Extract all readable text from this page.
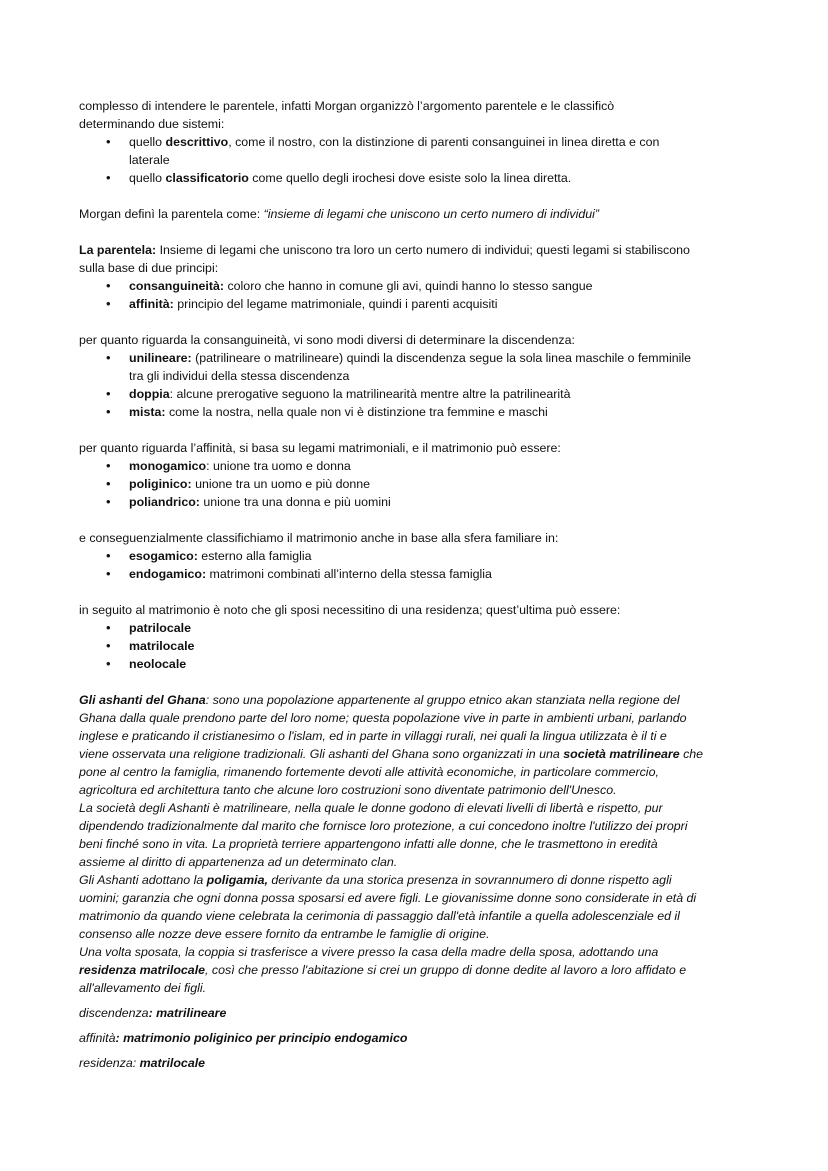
complesso di intendere le parentele, infatti Morgan organizzò l’argomento parentele e le classificò
determinando due sistemi:
• quello descrittivo, come il nostro, con la distinzione di parenti consanguinei in linea diretta e con
laterale
• quello classificatorio come quello degli irochesi dove esiste solo la linea diretta.
Morgan definì la parentela come: “insieme di legami che uniscono un certo numero di individui”
La parentela: Insieme di legami che uniscono tra loro un certo numero di individui; questi legami si stabiliscono
sulla base di due principi:
• consanguineità: coloro che hanno in comune gli avi, quindi hanno lo stesso sangue
• affinità: principio del legame matrimoniale, quindi i parenti acquisiti
per quanto riguarda la consanguineità, vi sono modi diversi di determinare la discendenza:
• unilineare: (patrilineare o matrilineare) quindi la discendenza segue la sola linea maschile o femminile
tra gli individui della stessa discendenza
• doppia: alcune prerogative seguono la matrilinearità mentre altre la patrilinearità
• mista: come la nostra, nella quale non vi è distinzione tra femmine e maschi
per quanto riguarda l’affinità, si basa su legami matrimoniali, e il matrimonio può essere:
• monogamico: unione tra uomo e donna
• poliginico: unione tra un uomo e più donne
• poliandrico: unione tra una donna e più uomini
e conseguenzialmente classifichiamo il matrimonio anche in base alla sfera familiare in:
• esogamico: esterno alla famiglia
• endogamico: matrimoni combinati all’interno della stessa famiglia
in seguito al matrimonio è noto che gli sposi necessitino di una residenza; quest’ultima può essere:
• patrilocale
• matrilocale
• neolocale
Gli ashanti del Ghana: sono una popolazione appartenente al gruppo etnico akan stanziata nella regione del
Ghana dalla quale prendono parte del loro nome; questa popolazione vive in parte in ambienti urbani, parlando
inglese e praticando il cristianesimo o l'islam, ed in parte in villaggi rurali, nei quali la lingua utilizzata è il ti e
viene osservata una religione tradizionali. Gli ashanti del Ghana sono organizzati in una società matrilineare che
pone al centro la famiglia, rimanendo fortemente devoti alle attività economiche, in particolare commercio,
agricoltura ed architettura tanto che alcune loro costruzioni sono diventate patrimonio dell'Unesco.
La società degli Ashanti è matrilineare, nella quale le donne godono di elevati livelli di libertà e rispetto, pur
dipendendo tradizionalmente dal marito che fornisce loro protezione, a cui concedono inoltre l'utilizzo dei propri
beni finché sono in vita. La proprietà terriere appartengono infatti alle donne, che le trasmettono in eredità
assieme al diritto di appartenenza ad un determinato clan.
Gli Ashanti adottano la poligamia, derivante da una storica presenza in sovrannumero di donne rispetto agli
uomini; garanzia che ogni donna possa sposarsi ed avere figli. Le giovanissime donne sono considerate in età di
matrimonio da quando viene celebrata la cerimonia di passaggio dall'età infantile a quella adolescenziale ed il
consenso alle nozze deve essere fornito da entrambe le famiglie di origine.
Una volta sposata, la coppia si trasferisce a vivere presso la casa della madre della sposa, adottando una
residenza matrilocale, così che presso l'abitazione si crei un gruppo di donne dedite al lavoro a loro affidato e
all'allevamento dei figli.
discendenza: matrilineare
affinità: matrimonio poliginico per principio endogamico
residenza: matrilocale
